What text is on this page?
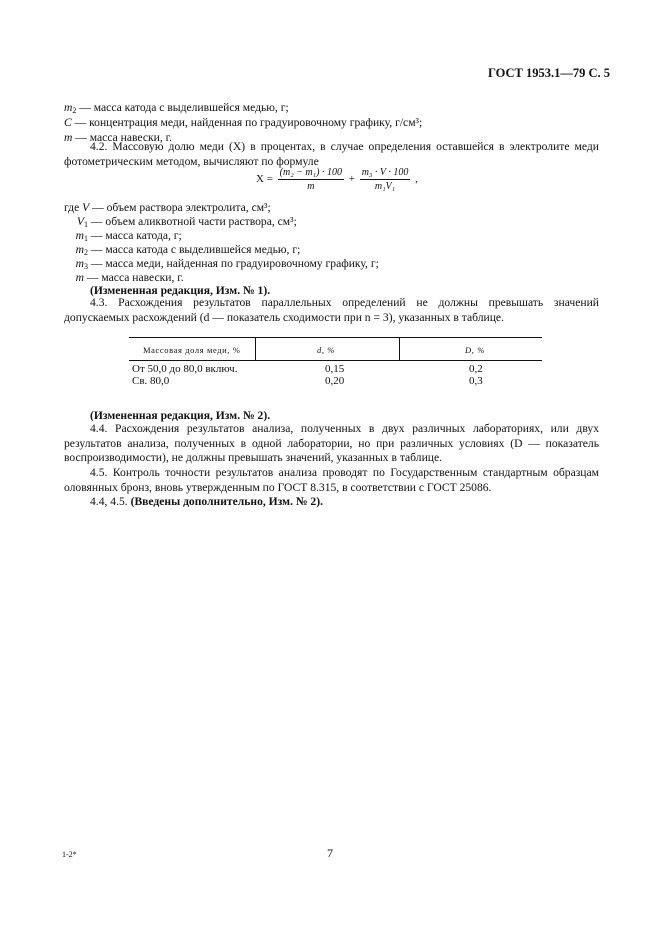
ГОСТ 1953.1—79 С. 5
$m_2$ — масса катода с выделившейся медью, г;
C — концентрация меди, найденная по градуировочному графику, г/см³;
m — масса навески, г.
4.2. Массовую долю меди (X) в процентах, в случае определения оставшейся в электролите меди фотометрическим методом, вычисляют по формуле
$X = \frac{\text{(m₂ − m₁) · 100}}{m} + \frac{\text{m₃ · V · 100}}{\text{m₁V₁}}$ ,
где V — объем раствора электролита, см³;
$V_1$ — объем аликвотной части раствора, см³;
$m_1$ — масса катода, г;
$m_2$ — масса катода с выделившейся медью, г;
$m_3$ — масса меди, найденная по градуировочному графику, г;
m — масса навески, г.
(Измененная редакция, Изм. № 1).
4.3. Расхождения результатов параллельных определений не должны превышать значений допускаемых расхождений (d — показатель сходимости при n = 3), указанных в таблице.
Массовая доля меди, %	d, %	D, %
От 50,0 до 80,0 включ.	0,15	0,2
Св. 80,0	0,20	0,3
(Измененная редакция, Изм. № 2).
4.4. Расхождения результатов анализа, полученных в двух различных лабораториях, или двух результатов анализа, полученных в одной лаборатории, но при различных условиях (D — показатель воспроизводимости), не должны превышать значений, указанных в таблице.
4.5. Контроль точности результатов анализа проводят по Государственным стандартным образцам оловянных бронз, вновь утвержденным по ГОСТ 8.315, в соответствии с ГОСТ 25086.
4.4, 4.5. (Введены дополнительно, Изм. № 2).
1-2*	7
